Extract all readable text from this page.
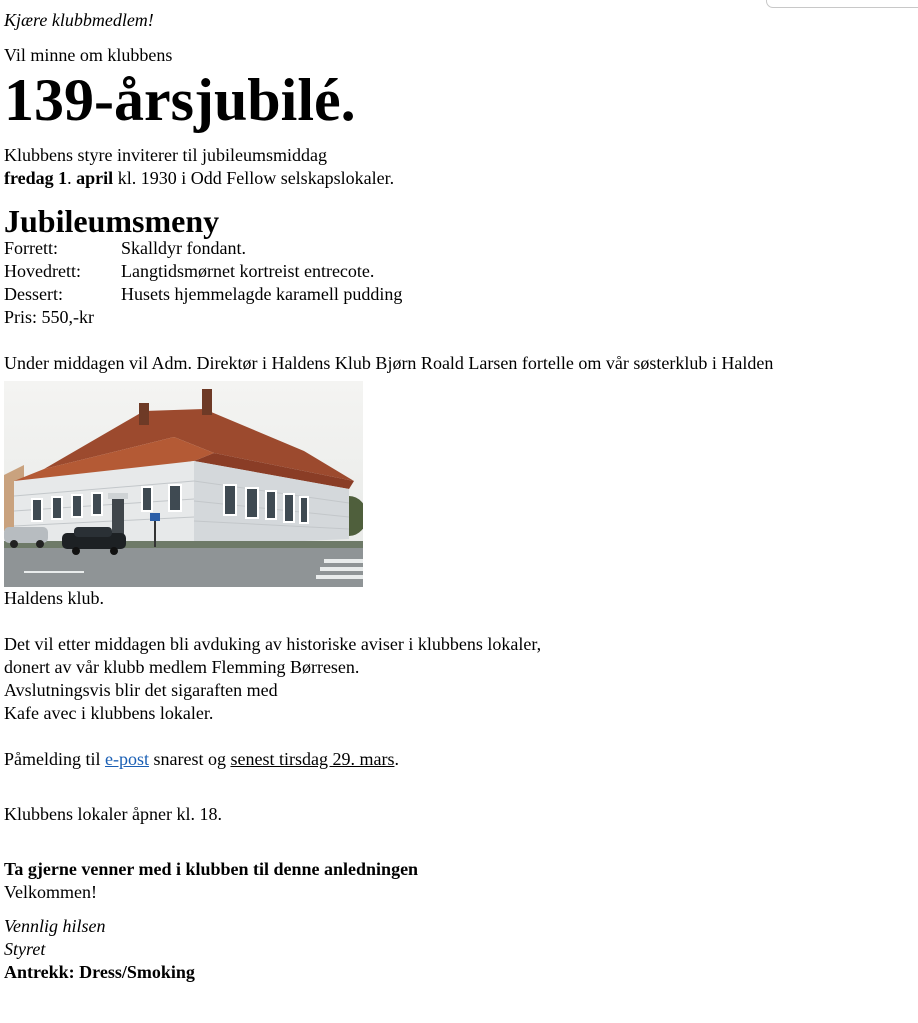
Kjære klubbmedlem!

Vil minne om klubbens

139-årsjubilé.

Klubbens styre inviterer til jubileumsmiddag
fredag 1. april kl. 1930 i Odd Fellow selskapslokaler.

Jubileumsmeny
Forrett:	Skalldyr fondant.
Hovedrett:	Langtidsmørnet kortreist entrecote.
Dessert:	Husets hjemmelagde karamell pudding

Pris: 550,-kr

Under middagen vil Adm. Direktør i Haldens Klub Bjørn Roald Larsen fortelle om vår søsterklub i Halden

Haldens klub.

Det vil etter middagen bli avduking av historiske aviser i klubbens lokaler,
donert av vår klubb medlem Flemming Børresen.
Avslutningsvis blir det sigaraften med
Kafe avec i klubbens lokaler.

Påmelding til e-post snarest og senest tirsdag 29. mars.

Klubbens lokaler åpner kl. 18.

Ta gjerne venner med i klubben til denne anledningen

Velkommen!

Vennlig hilsen

Styret

Antrekk: Dress/Smoking
